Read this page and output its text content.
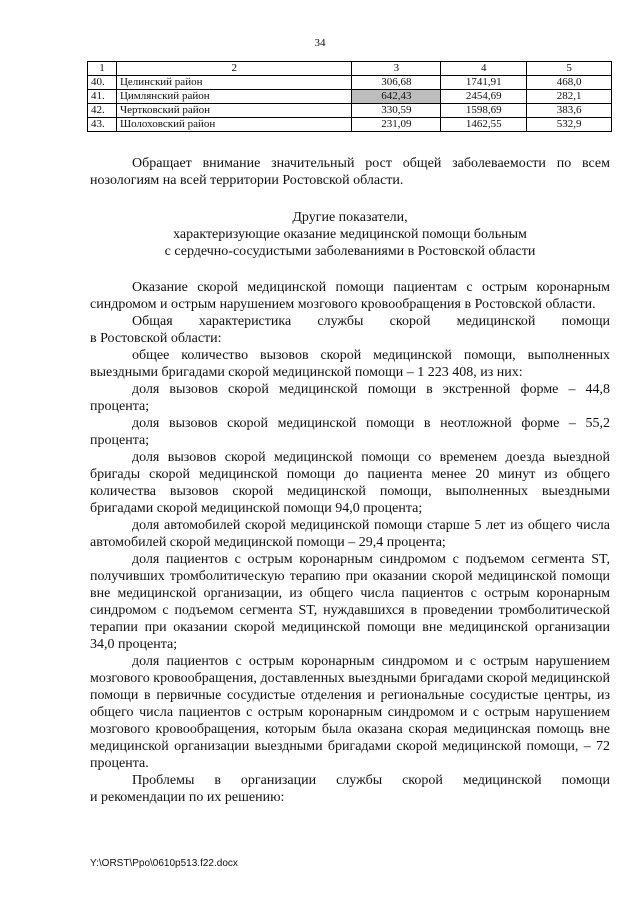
34
1	2	3	4	5
40.	Целинский район	306,68	1741,91	468,0
41.	Цимлянский район	642,43	2454,69	282,1
42.	Чертковский район	330,59	1598,69	383,6
43.	Шолоховский район	231,09	1462,55	532,9

Обращает внимание значительный рост общей заболеваемости по всем нозологиям на всей территории Ростовской области.

Другие показатели,

характеризующие оказание медицинской помощи больным

с сердечно-сосудистыми заболеваниями в Ростовской области

Оказание скорой медицинской помощи пациентам с острым коронарным синдромом и острым нарушением мозгового кровообращения в Ростовской области.

Общая характеристика службы скорой медицинской помощи

в Ростовской области:

общее количество вызовов скорой медицинской помощи, выполненных выездными бригадами скорой медицинской помощи – 1 223 408, из них:

доля вызовов скорой медицинской помощи в экстренной форме – 44,8 процента;

доля вызовов скорой медицинской помощи в неотложной форме – 55,2 процента;

доля вызовов скорой медицинской помощи со временем доезда выездной бригады скорой медицинской помощи до пациента менее 20 минут из общего количества вызовов скорой медицинской помощи, выполненных выездными бригадами скорой медицинской помощи 94,0 процента;

доля автомобилей скорой медицинской помощи старше 5 лет из общего числа автомобилей скорой медицинской помощи – 29,4 процента;

доля пациентов с острым коронарным синдромом с подъемом сегмента ST, получивших тромболитическую терапию при оказании скорой медицинской помощи вне медицинской организации, из общего числа пациентов с острым коронарным синдромом с подъемом сегмента ST, нуждавшихся в проведении тромболитической терапии при оказании скорой медицинской помощи вне медицинской организации 34,0 процента;

доля пациентов с острым коронарным синдромом и с острым нарушением мозгового кровообращения, доставленных выездными бригадами скорой медицинской помощи в первичные сосудистые отделения и региональные сосудистые центры, из общего числа пациентов с острым коронарным синдромом и с острым нарушением мозгового кровообращения, которым была оказана скорая медицинская помощь вне медицинской организации выездными бригадами скорой медицинской помощи, – 72 процента.

Проблемы в организации службы скорой медицинской помощи

и рекомендации по их решению:

Y:\ORST\Ppo\0610p513.f22.docx
